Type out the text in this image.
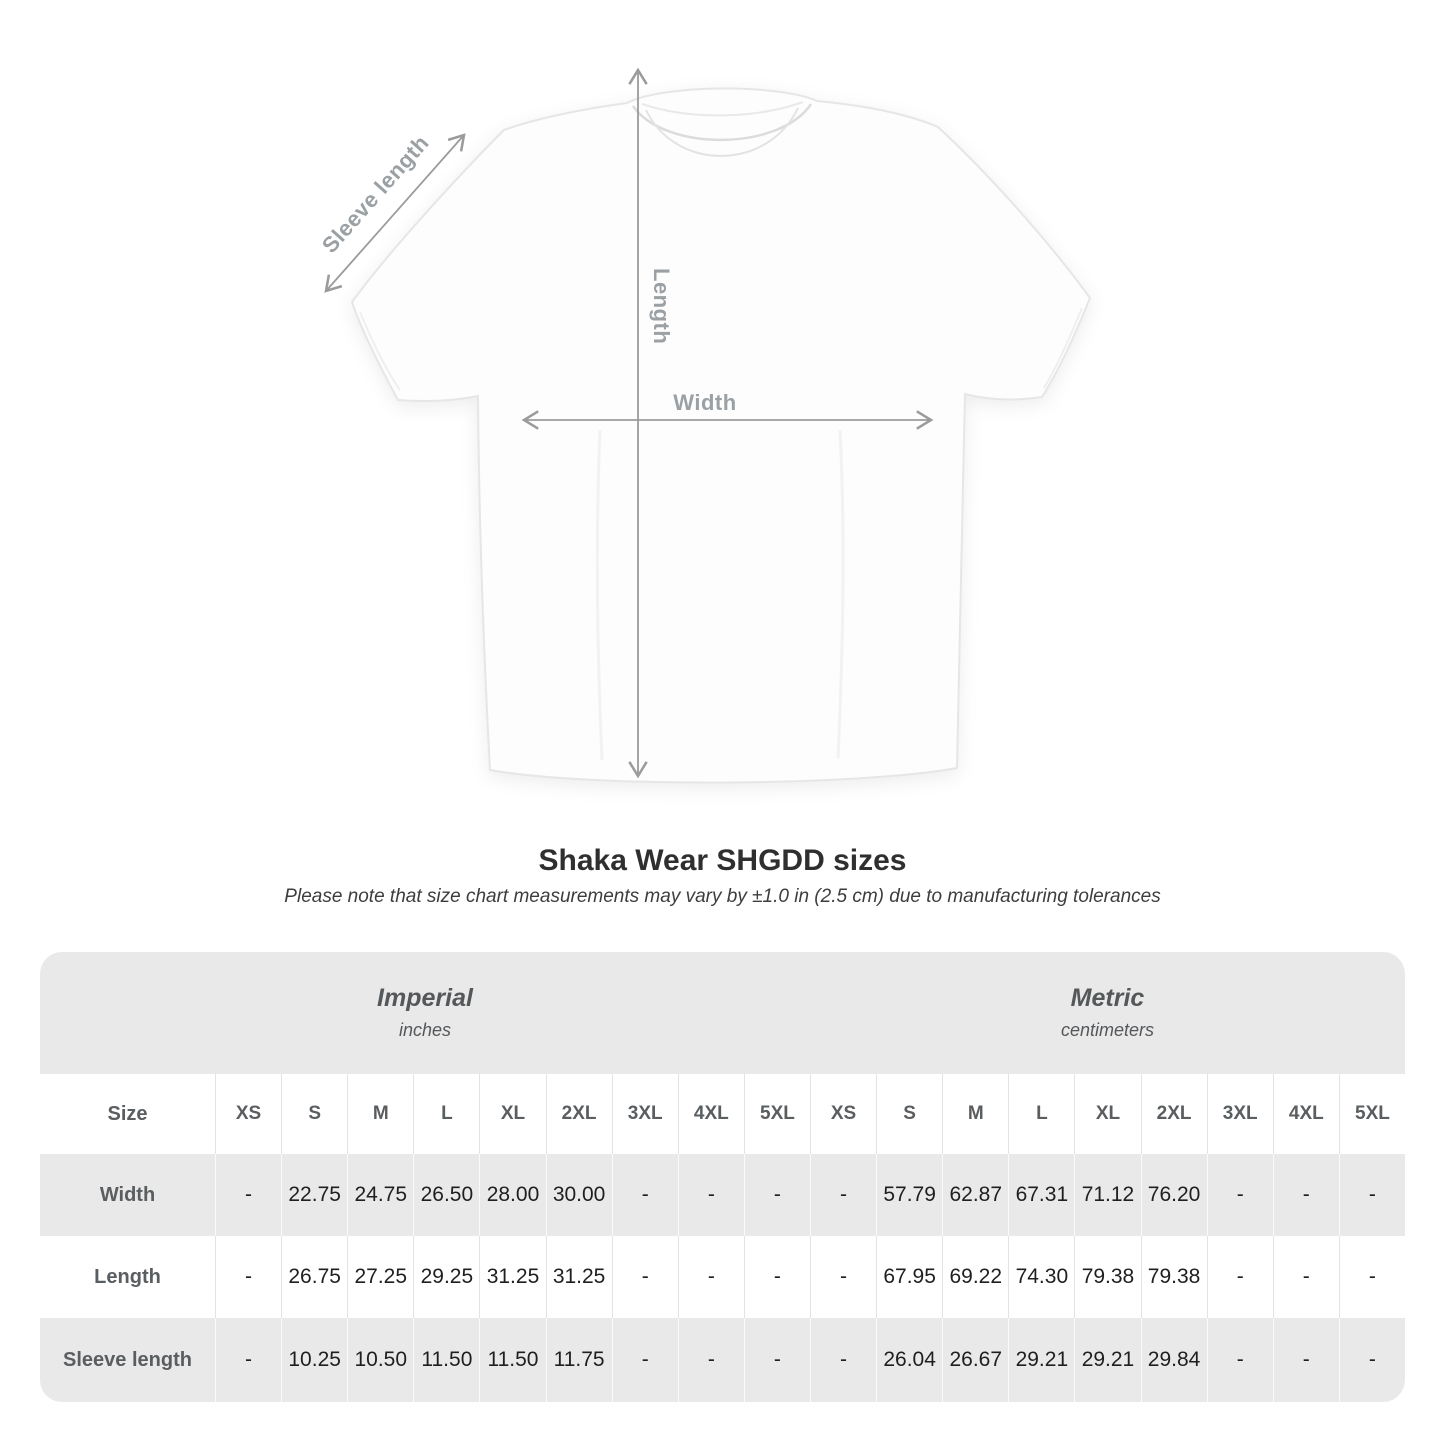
Width
Length
Sleeve length
Shaka Wear SHGDD sizes

Please note that size chart measurements may vary by ±1.0 in (2.5 cm) due to manufacturing tolerances

Imperial
inches

Metric
centimeters

Size	XS	S	M	L	XL	2XL	3XL	4XL	5XL	XS	S	M	L	XL	2XL	3XL	4XL	5XL
Width	-	22.75	24.75	26.50	28.00	30.00	-	-	-	-	57.79	62.87	67.31	71.12	76.20	-	-	-
Length	-	26.75	27.25	29.25	31.25	31.25	-	-	-	-	67.95	69.22	74.30	79.38	79.38	-	-	-
Sleeve length	-	10.25	10.50	11.50	11.50	11.75	-	-	-	-	26.04	26.67	29.21	29.21	29.84	-	-	-
